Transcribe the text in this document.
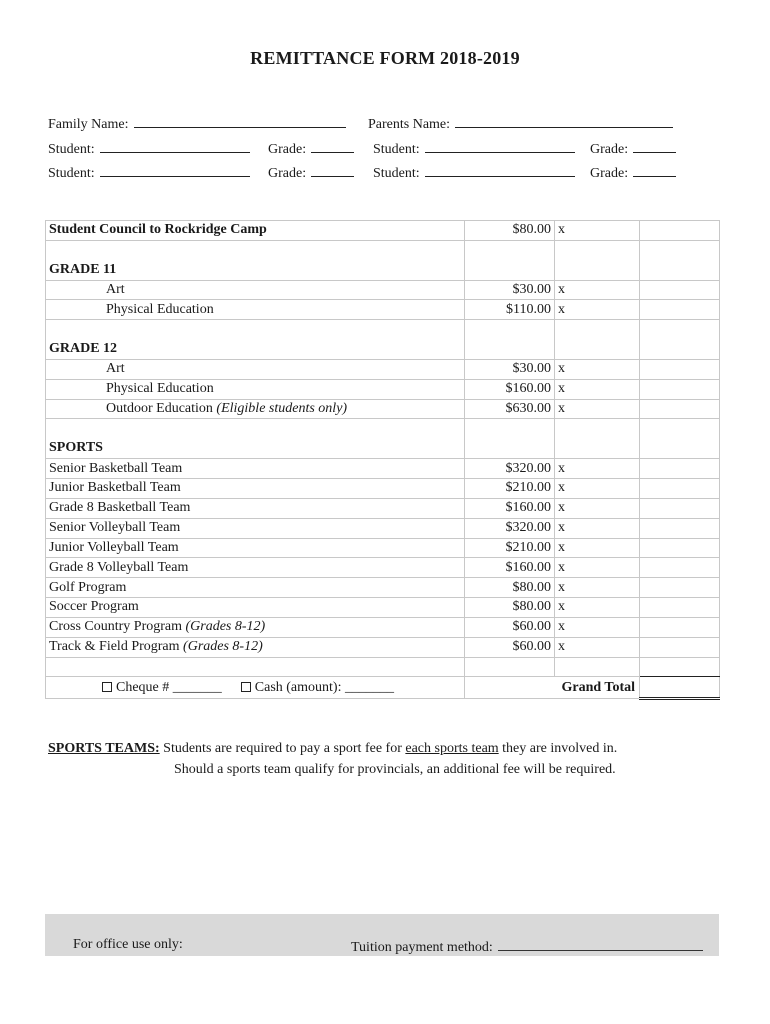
REMITTANCE FORM 2018-2019
Family Name:	Parents Name:
Student:	Grade:	Student:	Grade:
Student:	Grade:	Student:	Grade:
Student Council to Rockridge Camp	$80.00	x	

GRADE 11			
Art	$30.00	x	
Physical Education	$110.00	x	

GRADE 12			
Art	$30.00	x	
Physical Education	$160.00	x	
Outdoor Education (Eligible students only)	$630.00	x	

SPORTS			
Senior Basketball Team	$320.00	x	
Junior Basketball Team	$210.00	x	
Grade 8 Basketball Team	$160.00	x	
Senior Volleyball Team	$320.00	x	
Junior Volleyball Team	$210.00	x	
Grade 8 Volleyball Team	$160.00	x	
Golf Program	$80.00	x	
Soccer Program	$80.00	x	
Cross Country Program (Grades 8-12)	$60.00	x	
Track & Field Program (Grades 8-12)	$60.00	x	

Cheque # _______ Cash (amount): _______		Grand Total	
SPORTS TEAMS: Students are required to pay a sport fee for each sports team they are involved in.
Should a sports team qualify for provincials, an additional fee will be required.
For office use only:	Tuition payment method:
